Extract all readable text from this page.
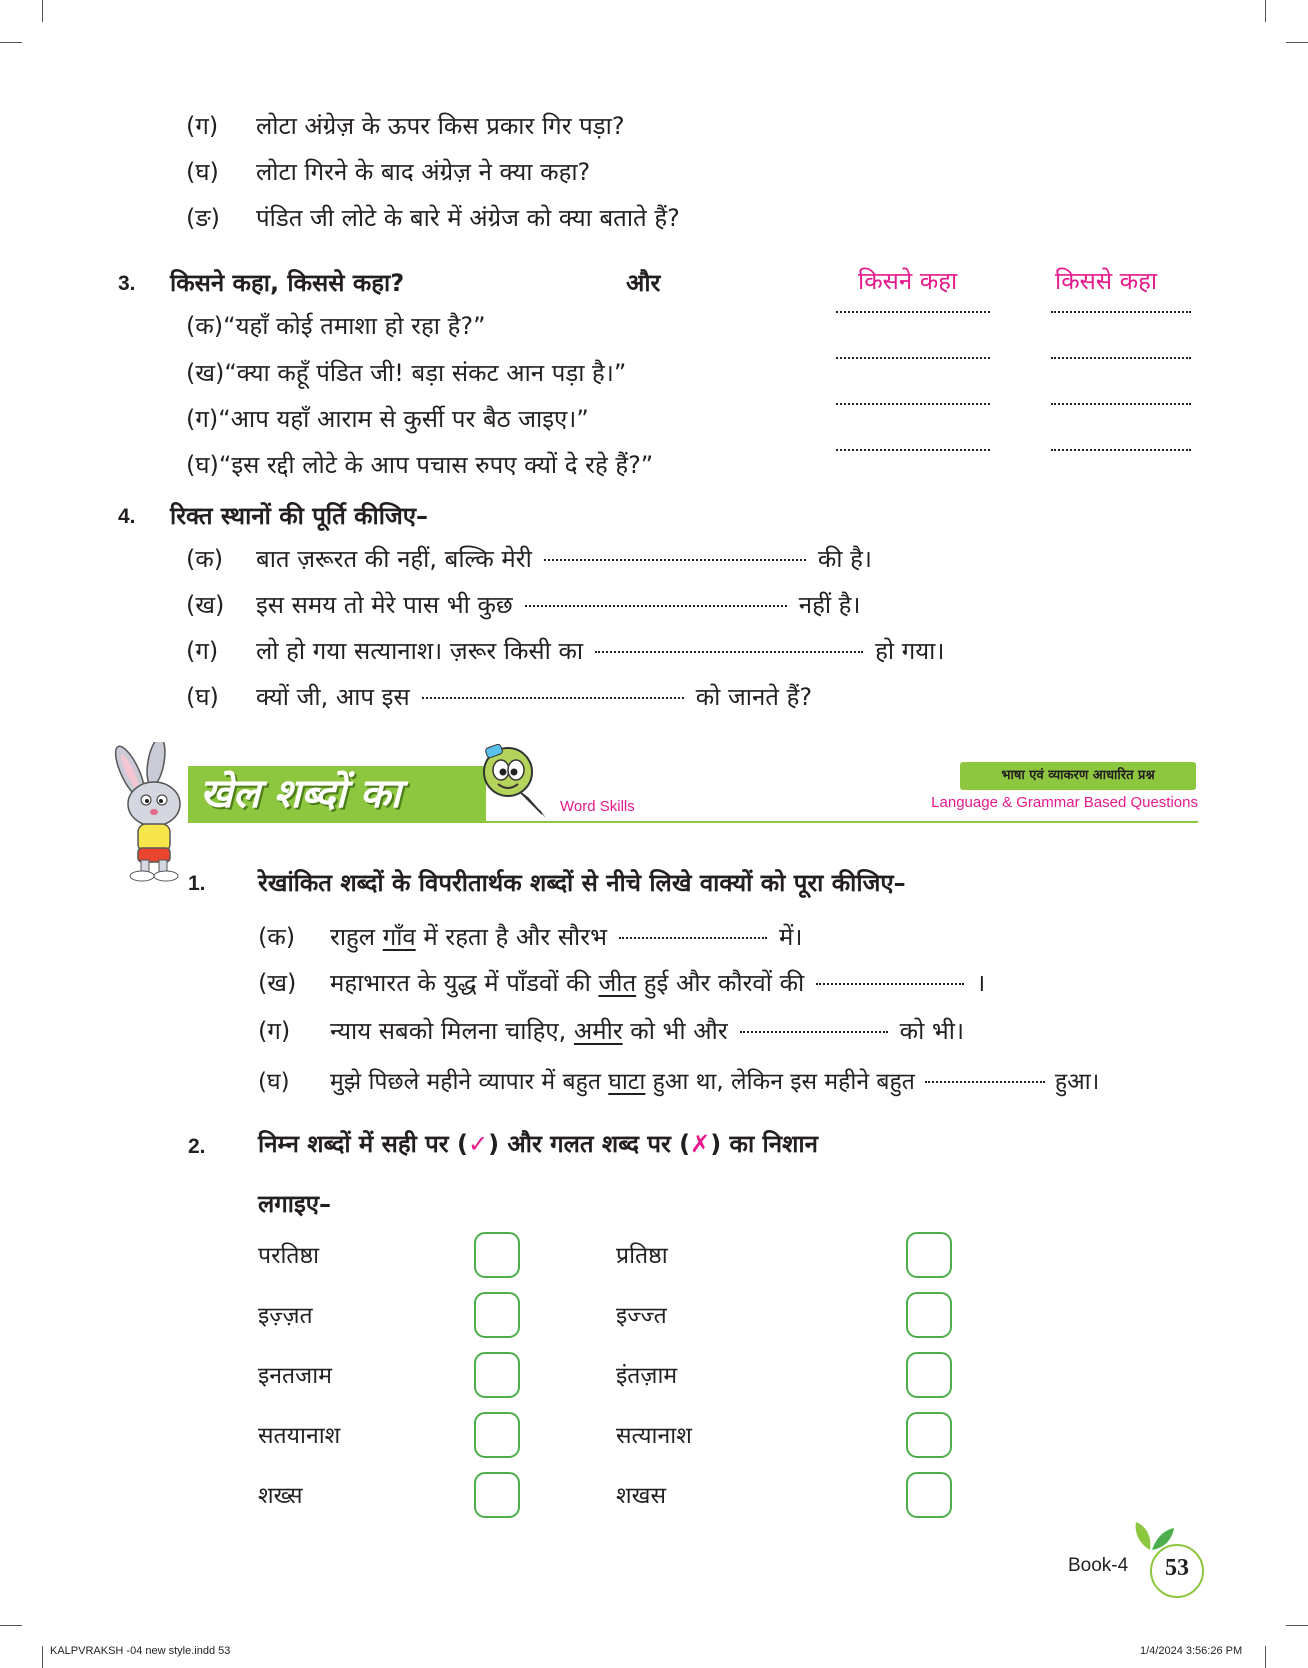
(ग) लोटा अंग्रेज़ के ऊपर किस प्रकार गिर पड़ा?
(घ) लोटा गिरने के बाद अंग्रेज़ ने क्या कहा?
(ङ) पंडित जी लोटे के बारे में अंग्रेज को क्या बताते हैं?
3. किसने कहा, किससे कहा?	और	किसने कहा	किससे कहा
(क)“यहाँ कोई तमाशा हो रहा है?”
(ख)“क्या कहूँ पंडित जी! बड़ा संकट आन पड़ा है।”
(ग)“आप यहाँ आराम से कुर्सी पर बैठ जाइए।”
(घ)“इस रद्दी लोटे के आप पचास रुपए क्यों दे रहे हैं?”
4. रिक्त स्थानों की पूर्ति कीजिए–
(क) बात ज़रूरत की नहीं, बल्कि मेरी	की है।
(ख) इस समय तो मेरे पास भी कुछ	नहीं है।
(ग) लो हो गया सत्यानाश। ज़रूर किसी का	हो गया।
(घ) क्यों जी, आप इस	को जानते हैं?
खेल शब्दों का	Word Skills
भाषा एवं व्याकरण आधारित प्रश्न
Language & Grammar Based Questions
1. रेखांकित शब्दों के विपरीतार्थक शब्दों से नीचे लिखे वाक्यों को पूरा कीजिए–
(क) राहुल गाँव में रहता है और सौरभ	में।
(ख) महाभारत के युद्ध में पाँडवों की जीत हुई और कौरवों की	।
(ग) न्याय सबको मिलना चाहिए, अमीर को भी और	को भी।
(घ) मुझे पिछले महीने व्यापार में बहुत घाटा हुआ था, लेकिन इस महीने बहुत	हुआ।
2. निम्न शब्दों में सही पर (✓) और गलत शब्द पर (✗) का निशान
लगाइए–
परतिष्ठा	प्रतिष्ठा
इज़्ज़त	इज्ज्त
इनतजाम	इंतज़ाम
सतयानाश	सत्यानाश
शख्स	शखस
Book-4	53
KALPVRAKSH -04 new style.indd 53	1/4/2024 3:56:26 PM
